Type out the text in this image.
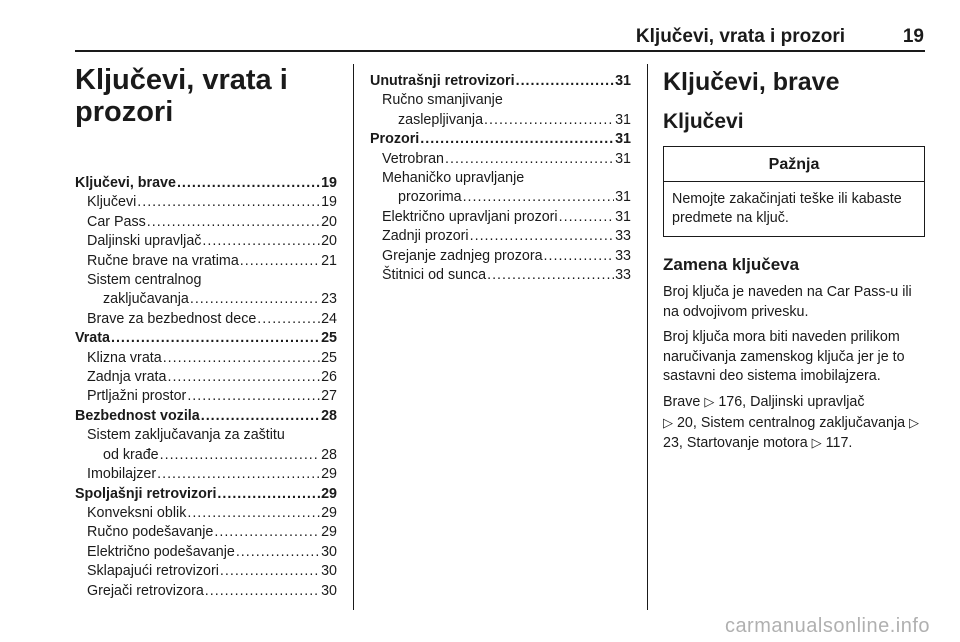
Ključevi, vrata i prozori	19
Ključevi, vrata i
prozori
Ključevi, brave .....	19
Ključevi .....	19
Car Pass .....	20
Daljinski upravljač .....	20
Ručne brave na vratima .....	21
Sistem centralnog
zaključavanja .....	23
Brave za bezbednost dece .....	24
Vrata .....	25
Klizna vrata .....	25
Zadnja vrata .....	26
Prtljažni prostor .....	27
Bezbednost vozila .....	28
Sistem zaključavanja za zaštitu
od krađe .....	28
Imobilajzer .....	29
Spoljašnji retrovizori .....	29
Konveksni oblik .....	29
Ručno podešavanje .....	29
Električno podešavanje .....	30
Sklapajući retrovizori .....	30
Grejači retrovizora .....	30
Unutrašnji retrovizori .....	31
Ručno smanjivanje
zaslepljivanja .....	31
Prozori .....	31
Vetrobran .....	31
Mehaničko upravljanje
prozorima .....	31
Električno upravljani prozori .....	31
Zadnji prozori .....	33
Grejanje zadnjeg prozora .....	33
Štitnici od sunca .....	33
Ključevi, brave
Ključevi
Pažnja
Nemojte zakačinjati teške ili kabaste predmete na ključ.
Zamena ključeva
Broj ključa je naveden na Car Pass-u ili na odvojivom privesku.
Broj ključa mora biti naveden prilikom naručivanja zamenskog ključa jer je to sastavni deo sistema imobilajzera.
Brave ▷ 176, Daljinski upravljač
▷ 20, Sistem centralnog zaključavanja ▷ 23, Startovanje motora ▷ 117.
carmanualsonline.info
